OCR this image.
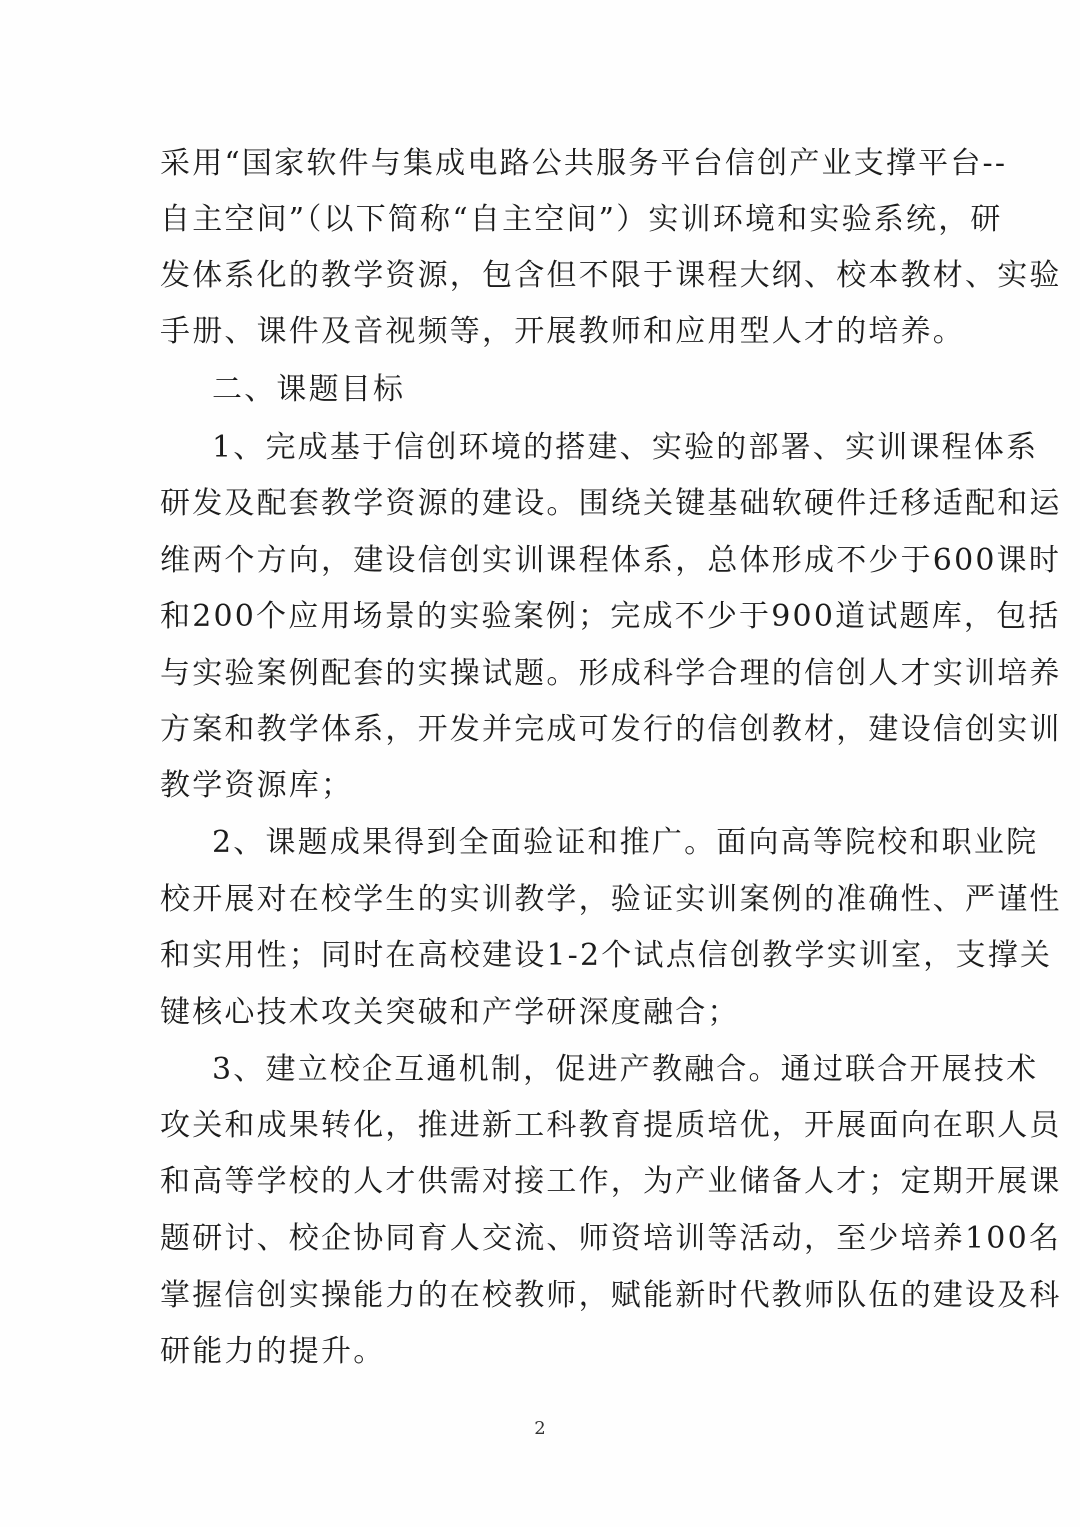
采用“国家软件与集成电路公共服务平台信创产业支撑平台--
自主空间”（以下简称“自主空间”）实训环境和实验系统，研
发体系化的教学资源，包含但不限于课程大纲、校本教材、实验
手册、课件及音视频等，开展教师和应用型人才的培养。
二、课题目标
1、完成基于信创环境的搭建、实验的部署、实训课程体系
研发及配套教学资源的建设。围绕关键基础软硬件迁移适配和运
维两个方向，建设信创实训课程体系，总体形成不少于600课时
和200个应用场景的实验案例；完成不少于900道试题库，包括
与实验案例配套的实操试题。形成科学合理的信创人才实训培养
方案和教学体系，开发并完成可发行的信创教材，建设信创实训
教学资源库；
2、课题成果得到全面验证和推广。面向高等院校和职业院
校开展对在校学生的实训教学，验证实训案例的准确性、严谨性
和实用性；同时在高校建设1-2个试点信创教学实训室，支撑关
键核心技术攻关突破和产学研深度融合；
3、建立校企互通机制，促进产教融合。通过联合开展技术
攻关和成果转化，推进新工科教育提质培优，开展面向在职人员
和高等学校的人才供需对接工作，为产业储备人才；定期开展课
题研讨、校企协同育人交流、师资培训等活动，至少培养100名
掌握信创实操能力的在校教师，赋能新时代教师队伍的建设及科
研能力的提升。
2
